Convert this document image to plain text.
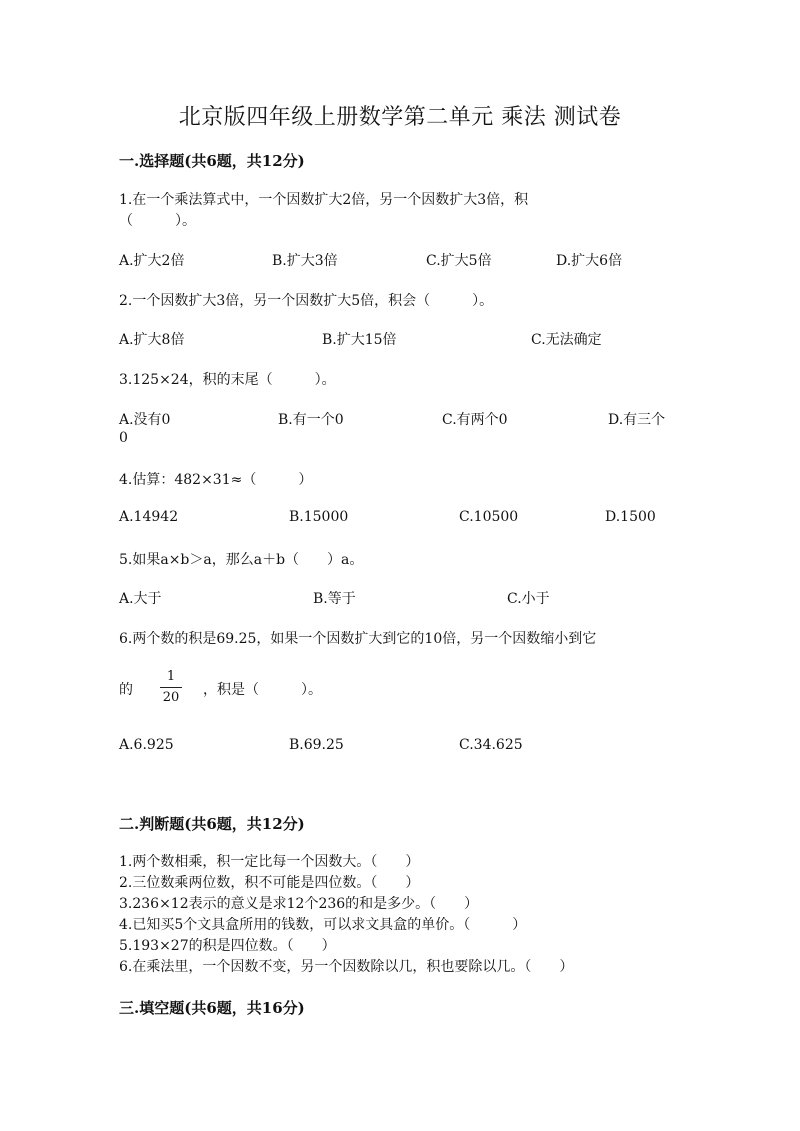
北京版四年级上册数学第二单元 乘法 测试卷
一.选择题(共6题，共12分)
1.在一个乘法算式中，一个因数扩大2倍，另一个因数扩大3倍，积
（　　　）。
A.扩大2倍	B.扩大3倍	C.扩大5倍	D.扩大6倍
2.一个因数扩大3倍，另一个因数扩大5倍，积会（　　　）。
A.扩大8倍	B.扩大15倍	C.无法确定
3.125×24，积的末尾（　　　）。
A.没有0	B.有一个0	C.有两个0	D.有三个
0
4.估算：482×31≈（　　　）
A.14942	B.15000	C.10500	D.1500
5.如果a×b＞a，那么a＋b（　　）a。
A.大于	B.等于	C.小于
6.两个数的积是69.25，如果一个因数扩大到它的10倍，另一个因数缩小到它
的
1
20 ，积是（　　　）。
A.6.925	B.69.25	C.34.625
二.判断题(共6题，共12分)
1.两个数相乘，积一定比每一个因数大。（　　）
2.三位数乘两位数，积不可能是四位数。（　　）
3.236×12表示的意义是求12个236的和是多少。（　　）
4.已知买5个文具盒所用的钱数，可以求文具盒的单价。（　　　）
5.193×27的积是四位数。（　　）
6.在乘法里，一个因数不变，另一个因数除以几，积也要除以几。（　　）
三.填空题(共6题，共16分)
